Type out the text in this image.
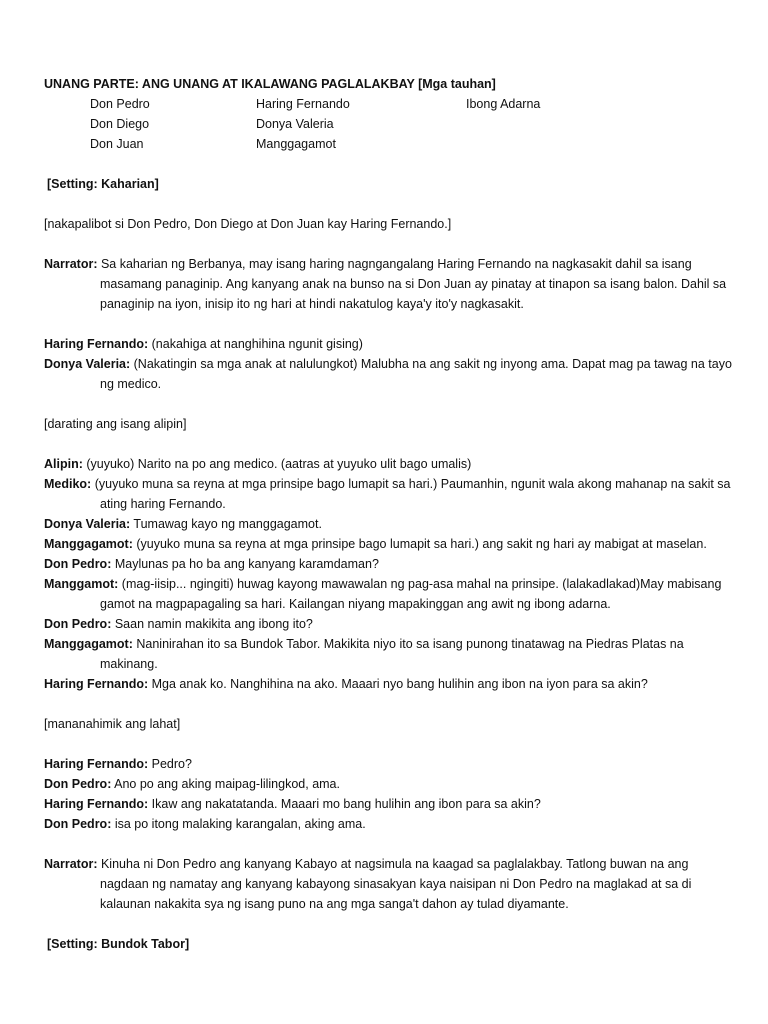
UNANG PARTE: ANG UNANG AT IKALAWANG PAGLALAKBAY [Mga tauhan]

Don Pedro	Haring Fernando	Ibong Adarna
Don Diego	Donya Valeria
Don Juan	Manggagamot

[Setting: Kaharian]

[nakapalibot si Don Pedro, Don Diego at Don Juan kay Haring Fernando.]

Narrator: Sa kaharian ng Berbanya, may isang haring nagngangalang Haring Fernando na nagkasakit dahil sa isang masamang panaginip. Ang kanyang anak na bunso na si Don Juan ay pinatay at tinapon sa isang balon. Dahil sa panaginip na iyon, inisip ito ng hari at hindi nakatulog kaya'y ito'y nagkasakit.

Haring Fernando: (nakahiga at nanghihina ngunit gising)

Donya Valeria: (Nakatingin sa mga anak at nalulungkot) Malubha na ang sakit ng inyong ama. Dapat mag pa tawag na tayo ng medico.

[darating ang isang alipin]

Alipin: (yuyuko) Narito na po ang medico. (aatras at yuyuko ulit bago umalis)

Mediko: (yuyuko muna sa reyna at mga prinsipe bago lumapit sa hari.) Paumanhin, ngunit wala akong mahanap na sakit sa ating haring Fernando.

Donya Valeria: Tumawag kayo ng manggagamot.

Manggagamot: (yuyuko muna sa reyna at mga prinsipe bago lumapit sa hari.) ang sakit ng hari ay mabigat at maselan.

Don Pedro: Maylunas pa ho ba ang kanyang karamdaman?

Manggamot: (mag-iisip... ngingiti) huwag kayong mawawalan ng pag-asa mahal na prinsipe. (lalakadlakad)May mabisang gamot na magpapagaling sa hari. Kailangan niyang mapakinggan ang awit ng ibong adarna.

Don Pedro: Saan namin makikita ang ibong ito?

Manggagamot: Naninirahan ito sa Bundok Tabor. Makikita niyo ito sa isang punong tinatawag na Piedras Platas na makinang.

Haring Fernando: Mga anak ko. Nanghihina na ako. Maaari nyo bang hulihin ang ibon na iyon para sa akin?

[mananahimik ang lahat]

Haring Fernando: Pedro?

Don Pedro: Ano po ang aking maipag-lilingkod, ama.

Haring Fernando: Ikaw ang nakatatanda. Maaari mo bang hulihin ang ibon para sa akin?

Don Pedro: isa po itong malaking karangalan, aking ama.

Narrator: Kinuha ni Don Pedro ang kanyang Kabayo at nagsimula na kaagad sa paglalakbay. Tatlong buwan na ang nagdaan ng namatay ang kanyang kabayong sinasakyan kaya naisipan ni Don Pedro na maglakad at sa di kalaunan nakakita sya ng isang puno na ang mga sanga't dahon ay tulad diyamante.

[Setting: Bundok Tabor]
